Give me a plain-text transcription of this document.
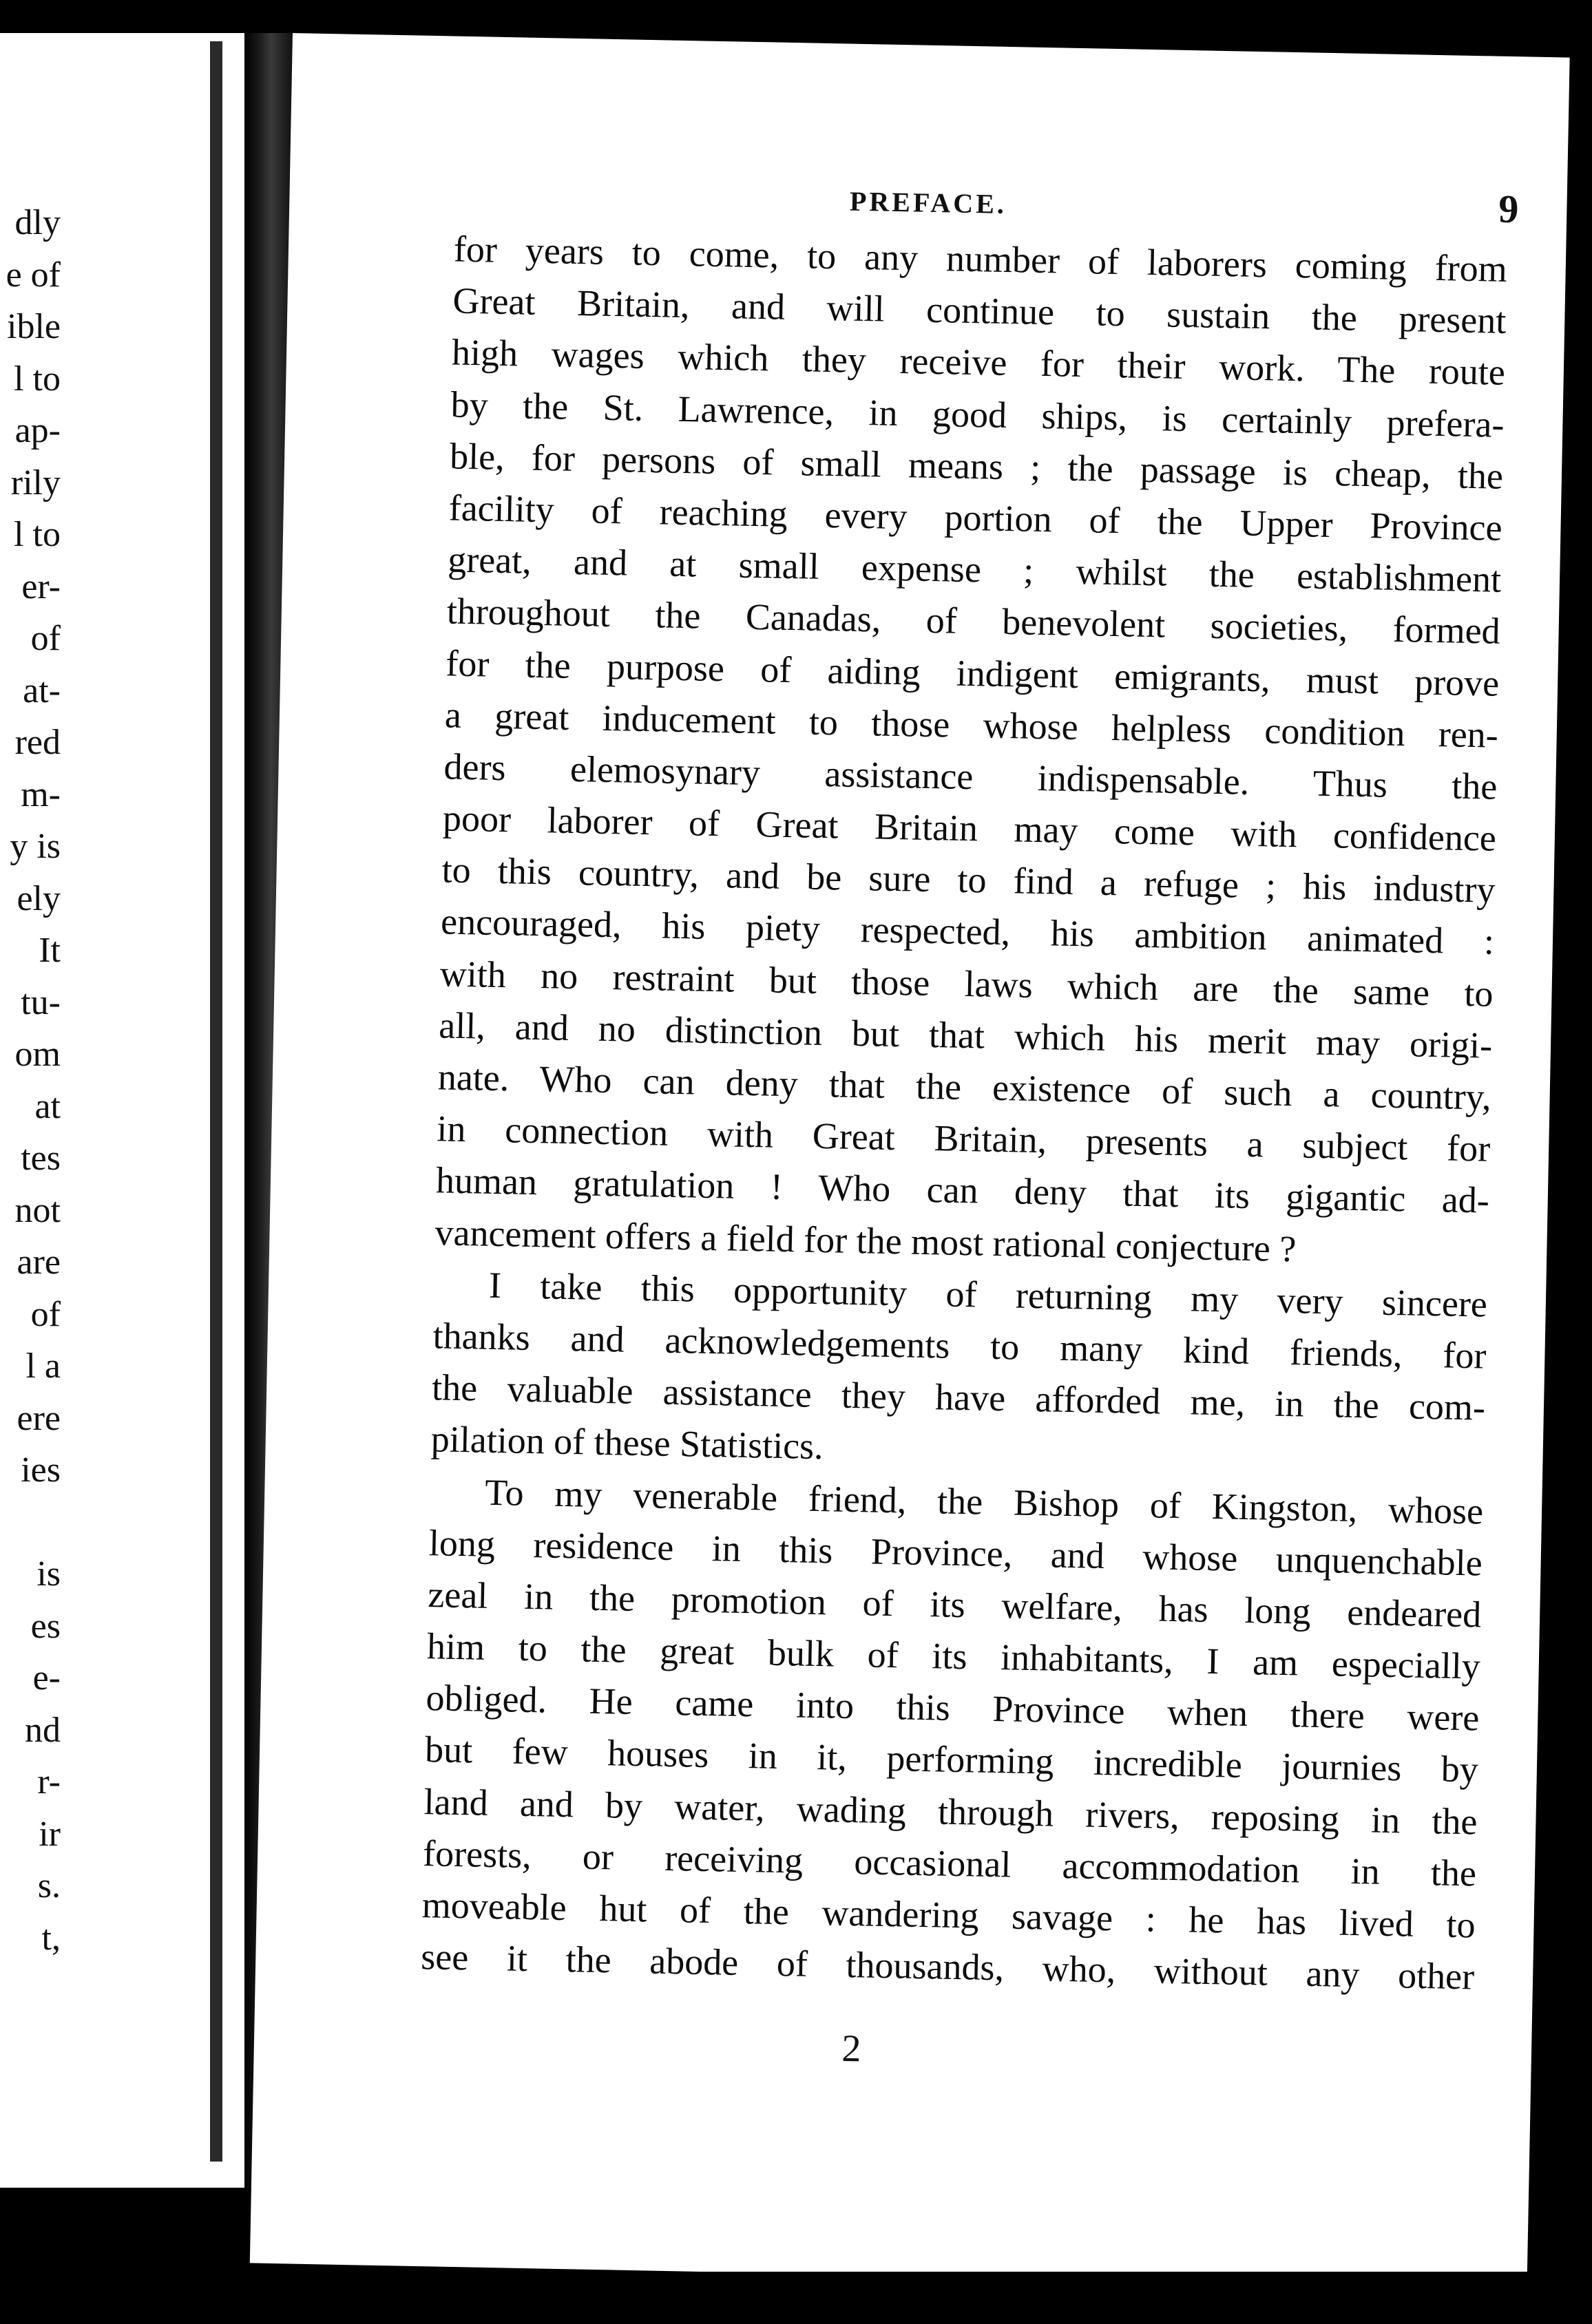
dly
e of
ible
l to
ap-
rily
l to
er-
of
at-
red
m-
y is
ely
It
tu-
om
at
tes
not
are
of
l a
ere
ies
is
es
e-
nd
r-
ir
s.
t,
PREFACE.	9
for years to come, to any number of laborers coming from
Great Britain, and will continue to sustain the present
high wages which they receive for their work. The route
by the St. Lawrence, in good ships, is certainly prefera-
ble, for persons of small means ; the passage is cheap, the
facility of reaching every portion of the Upper Province
great, and at small expense ; whilst the establishment
throughout the Canadas, of benevolent societies, formed
for the purpose of aiding indigent emigrants, must prove
a great inducement to those whose helpless condition ren-
ders elemosynary assistance indispensable. Thus the
poor laborer of Great Britain may come with confidence
to this country, and be sure to find a refuge ; his industry
encouraged, his piety respected, his ambition animated :
with no restraint but those laws which are the same to
all, and no distinction but that which his merit may origi-
nate. Who can deny that the existence of such a country,
in connection with Great Britain, presents a subject for
human gratulation ! Who can deny that its gigantic ad-
vancement offers a field for the most rational conjecture ?
I take this opportunity of returning my very sincere
thanks and acknowledgements to many kind friends, for
the valuable assistance they have afforded me, in the com-
pilation of these Statistics.
To my venerable friend, the Bishop of Kingston, whose
long residence in this Province, and whose unquenchable
zeal in the promotion of its welfare, has long endeared
him to the great bulk of its inhabitants, I am especially
obliged. He came into this Province when there were
but few houses in it, performing incredible journies by
land and by water, wading through rivers, reposing in the
forests, or receiving occasional accommodation in the
moveable hut of the wandering savage : he has lived to
see it the abode of thousands, who, without any other
2
